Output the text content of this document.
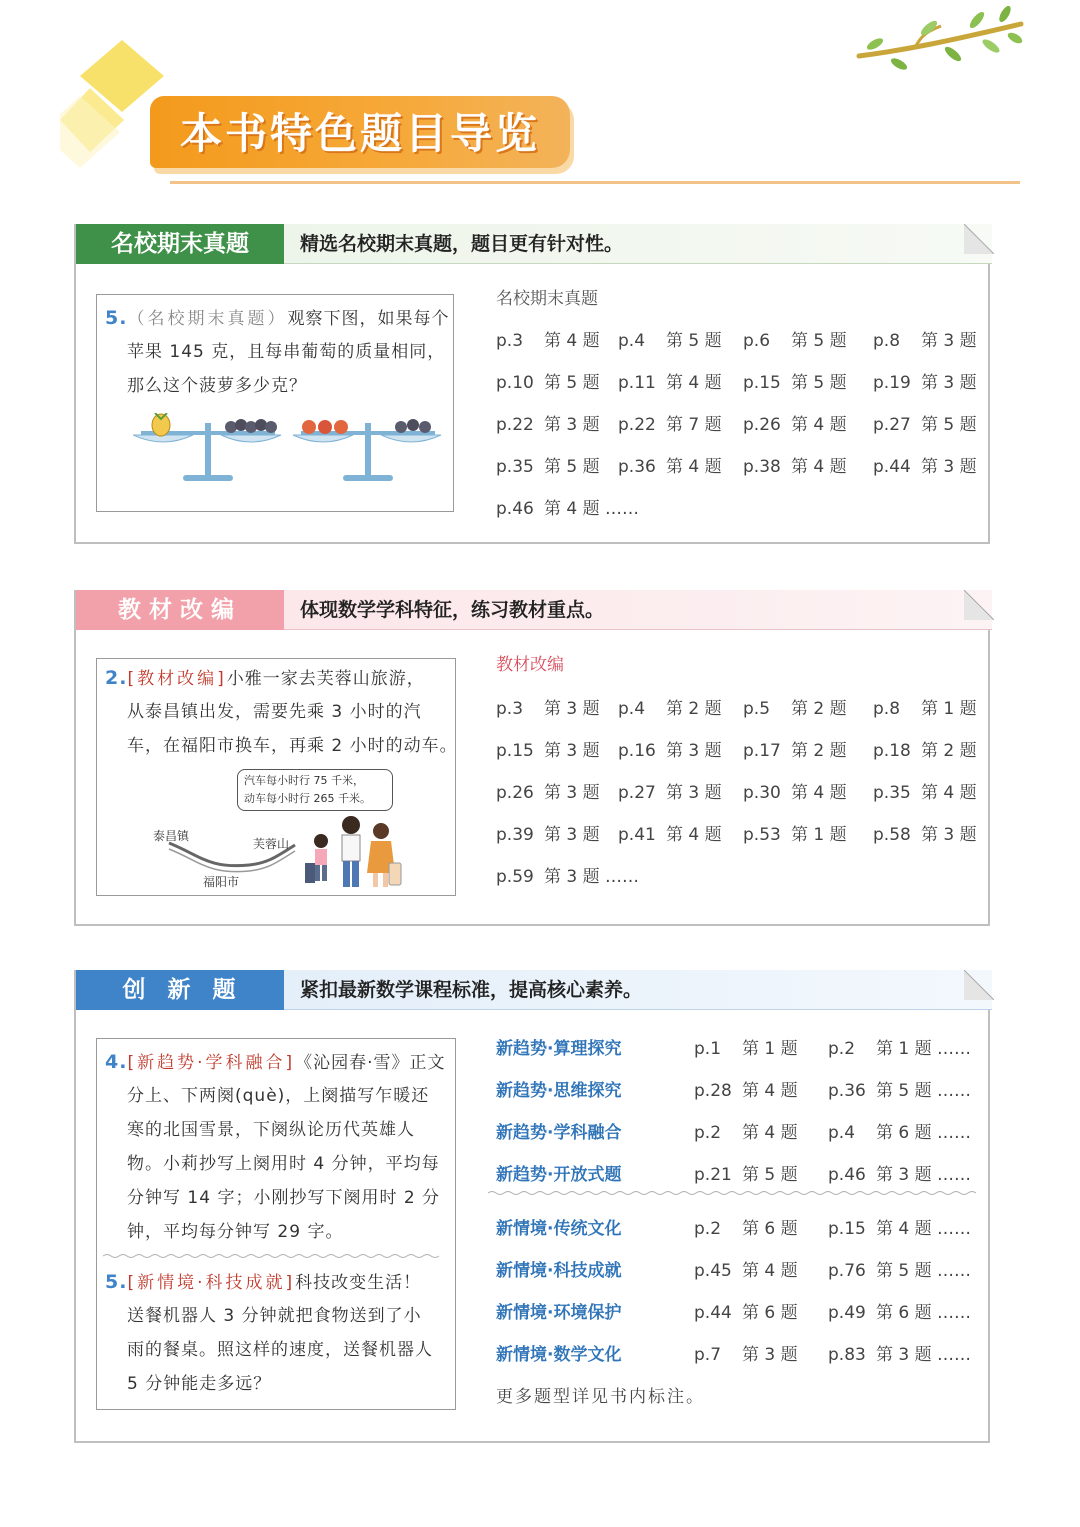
本书特色题目导览
名校期末真题	精选名校期末真题，题目更有针对性。
5.（名校期末真题）观察下图，如果每个
苹果 145 克，且每串葡萄的质量相同，
那么这个菠萝多少克？
名校期末真题
p.3 第 4 题 p.4 第 5 题 p.6 第 5 题 p.8 第 3 题
p.10 第 5 题 p.11 第 4 题 p.15 第 5 题 p.19 第 3 题
p.22 第 3 题 p.22 第 7 题 p.26 第 4 题 p.27 第 5 题
p.35 第 5 题 p.36 第 4 题 p.38 第 4 题 p.44 第 3 题
p.46 第 4 题 ……
教材改编	体现数学学科特征，练习教材重点。
2.[教材改编]小雅一家去芙蓉山旅游，
从泰昌镇出发，需要先乘 3 小时的汽
车，在福阳市换车，再乘 2 小时的动车。
汽车每小时行 75 千米，
动车每小时行 265 千米。
泰昌镇
芙蓉山
福阳市
教材改编
p.3 第 3 题 p.4 第 2 题 p.5 第 2 题 p.8 第 1 题
p.15 第 3 题 p.16 第 3 题 p.17 第 2 题 p.18 第 2 题
p.26 第 3 题 p.27 第 3 题 p.30 第 4 题 p.35 第 4 题
p.39 第 3 题 p.41 第 4 题 p.53 第 1 题 p.58 第 3 题
p.59 第 3 题 ……
创新题	紧扣最新数学课程标准，提高核心素养。
4.[新趋势·学科融合]《沁园春·雪》正文
分上、下两阕(què)，上阕描写乍暖还
寒的北国雪景，下阕纵论历代英雄人
物。小莉抄写上阕用时 4 分钟，平均每
分钟写 14 字；小刚抄写下阕用时 2 分
钟，平均每分钟写 29 字。
5.[新情境·科技成就]科技改变生活！
送餐机器人 3 分钟就把食物送到了小
雨的餐桌。照这样的速度，送餐机器人
5 分钟能走多远？
新趋势·算理探究	p.1 第 1 题 p.2 第 1 题 ……
新趋势·思维探究	p.28 第 4 题 p.36 第 5 题 ……
新趋势·学科融合	p.2 第 4 题 p.4 第 6 题 ……
新趋势·开放式题	p.21 第 5 题 p.46 第 3 题 ……
新情境·传统文化	p.2 第 6 题 p.15 第 4 题 ……
新情境·科技成就	p.45 第 4 题 p.76 第 5 题 ……
新情境·环境保护	p.44 第 6 题 p.49 第 6 题 ……
新情境·数学文化	p.7 第 3 题 p.83 第 3 题 ……
更多题型详见书内标注。
